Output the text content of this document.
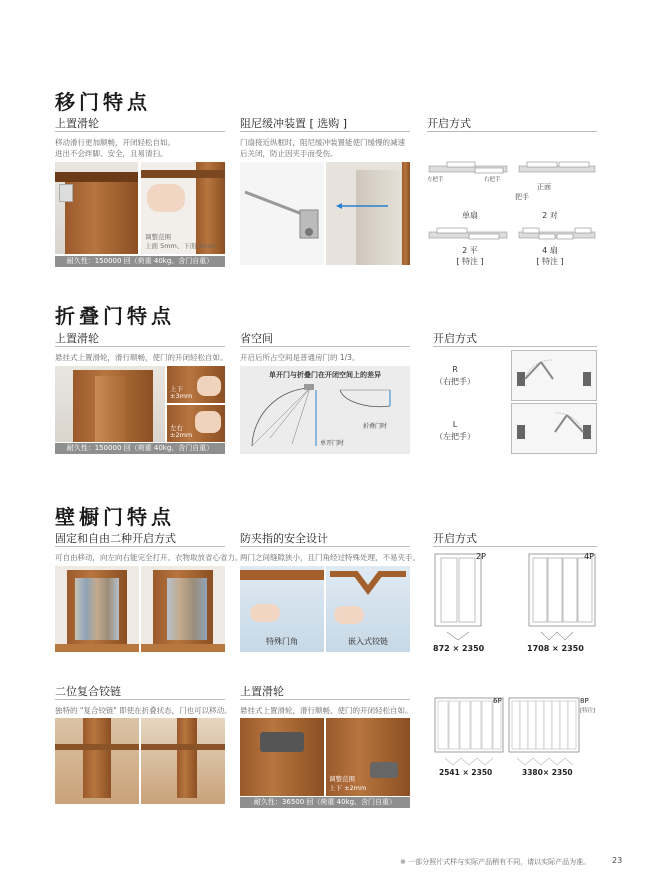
移门特点
上置滑轮
移动滑行更加顺畅，开闭轻松自如。
进出不会绊脚、安全，且易清扫。
调整范围
上面 5mm、下面 2mm
耐久性：150000 回（荷重 40kg、含门自重）
阻尼缓冲装置 [ 选购 ]
门扇接近纵框时，阻尼缓冲装置能使门缓慢的减速
后关闭，防止因夹手而受伤。
开启方式
左把手	右把手
把手
正面
单扇	2 对
2 平
[ 特注 ]
4 扇
[ 特注 ]
折叠门特点
上置滑轮
悬挂式上置滑轮，滑行顺畅，使门的开闭轻松自如。
上下
±3mm
左右
±2mm
耐久性：150000 回（荷重 40kg、含门自重）
省空间
开启后所占空间是普通房门的 1/3。
单开门与折叠门在开闭空间上的差异
折叠门时
单开门时
开启方式
R
（右把手）
L
（左把手）
壁橱门特点
固定和自由二种开启方式
可自由移动，向左向右能完全打开。衣物取放省心省力。
防夹指的安全设计
两门之间缝隙狭小，且门角经过特殊处理，不易夹手。
特殊门角	嵌入式铰链
开启方式
2P	4P
872 × 2350	1708 × 2350
二位复合铰链
独特的 "复合铰链" 即使在折叠状态，门也可以移动。
上置滑轮
悬挂式上置滑轮，滑行顺畅，使门的开闭轻松自如。
调整范围
上下 ±2mm
耐久性：36500 回（荷重 40kg、含门自重）
6P	8P
[特注]
2541 × 2350	3380× 2350
※ 一部分照片式样与实际产品稍有不同，请以实际产品为准。	23
